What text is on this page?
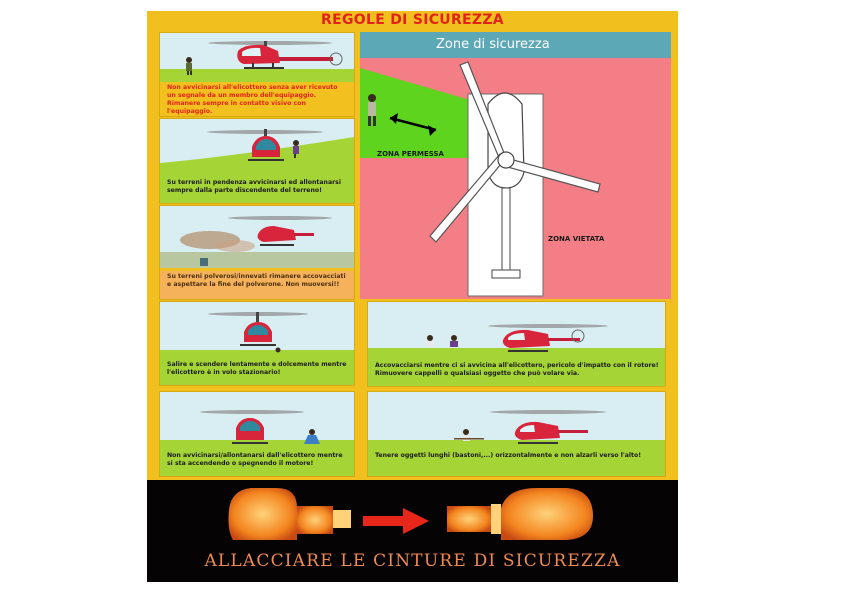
REGOLE DI SICUREZZA
Non avvicinarsi all'elicottero senza aver ricevuto un segnale da un membro dell'equipaggio. Rimanere sempre in contatto visivo con l'equipaggio.
Su terreni in pendenza avvicinarsi ed allontanarsi sempre dalla parte discendente del terreno!
Su terreni polverosi/innevati rimanere accovacciati e aspettare la fine del polverone. Non muoversi!!
Salire e scendere lentamente e dolcemente mentre l'elicottero è in volo stazionario!
Non avvicinarsi/allontanarsi dall'elicottero mentre si sta accendendo o spegnendo il motore!
Accovacciarsi mentre ci si avvicina all'elicottero, pericolo d'impatto con il rotore! Rimuovere cappelli o qualsiasi oggetto che può volare via.
Tenere oggetti lunghi (bastoni,...) orizzontalmente e non alzarli verso l'alto!
Zone di sicurezza
ZONA PERMESSA
ZONA VIETATA
ALLACCIARE LE CINTURE DI SICUREZZA
